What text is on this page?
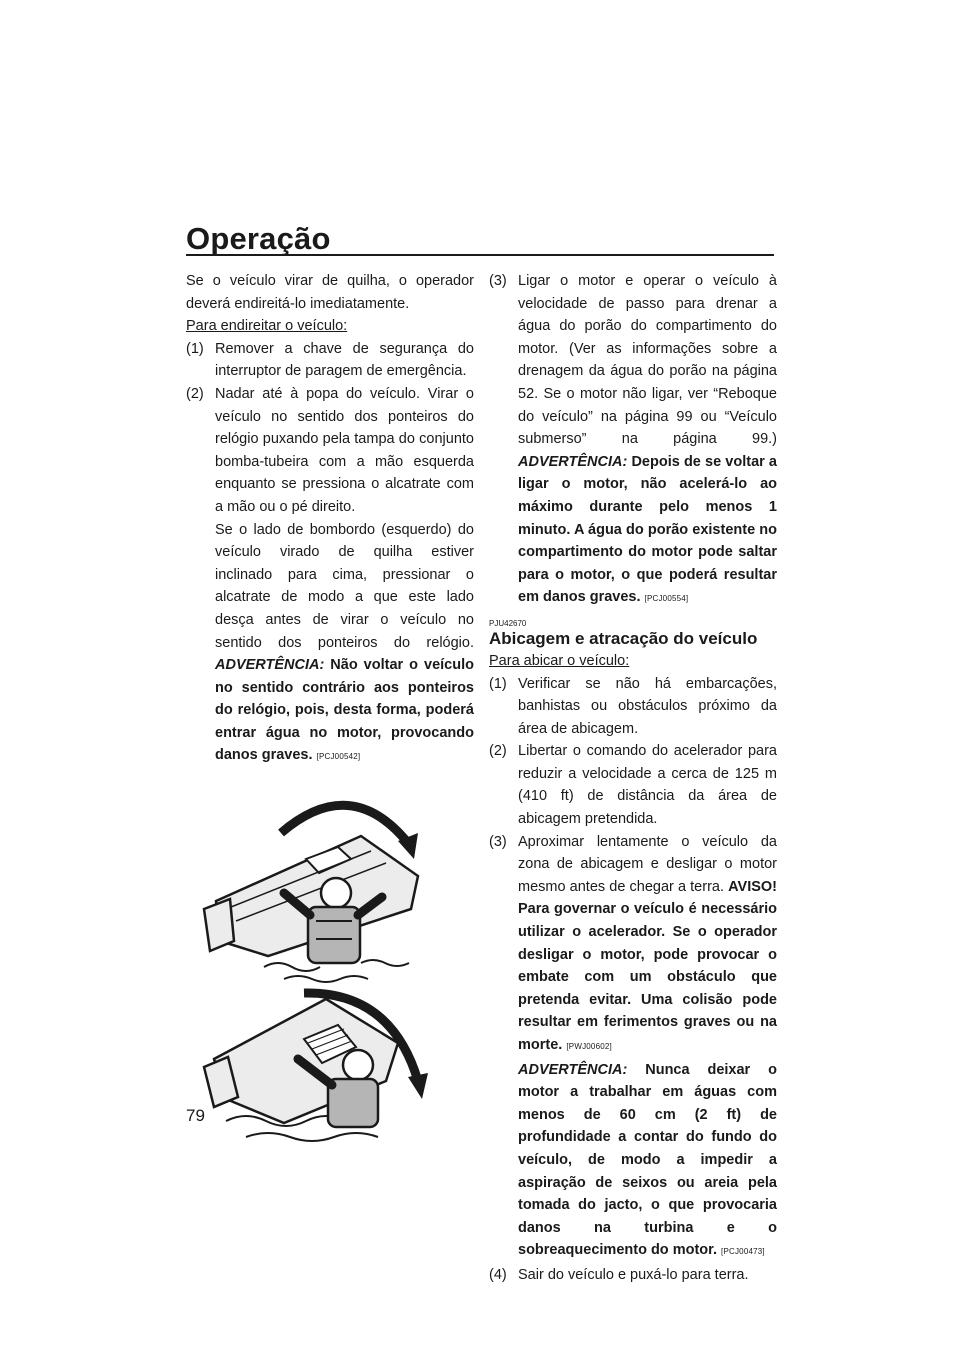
Operação

Se o veículo virar de quilha, o operador deverá endireitá-lo imediatamente.

Para endireitar o veículo:

(1) Remover a chave de segurança do interruptor de paragem de emergência.
(2) Nadar até à popa do veículo. Virar o veículo no sentido dos ponteiros do relógio puxando pela tampa do conjunto bomba-tubeira com a mão esquerda enquanto se pressiona o alcatrate com a mão ou o pé direito.

Se o lado de bombordo (esquerdo) do veículo virado de quilha estiver inclinado para cima, pressionar o alcatrate de modo a que este lado desça antes de virar o veículo no sentido dos ponteiros do relógio. ADVERTÊNCIA: Não voltar o veículo no sentido contrário aos ponteiros do relógio, pois, desta forma, poderá entrar água no motor, provocando danos graves. [PCJ00542]

(3) Ligar o motor e operar o veículo à velocidade de passo para drenar a água do porão do compartimento do motor. (Ver as informações sobre a drenagem da água do porão na página 52. Se o motor não ligar, ver “Reboque do veículo” na página 99 ou “Veículo submerso” na página 99.) ADVERTÊNCIA: Depois de se voltar a ligar o motor, não acelerá-lo ao máximo durante pelo menos 1 minuto. A água do porão existente no compartimento do motor pode saltar para o motor, o que poderá resultar em danos graves. [PCJ00554]
PJU42670
Abicagem e atracação do veículo

Para abicar o veículo:

(1) Verificar se não há embarcações, banhistas ou obstáculos próximo da área de abicagem.
(2) Libertar o comando do acelerador para reduzir a velocidade a cerca de 125 m (410 ft) de distância da área de abicagem pretendida.
(3) Aproximar lentamente o veículo da zona de abicagem e desligar o motor mesmo antes de chegar a terra. AVISO! Para governar o veículo é necessário utilizar o acelerador. Se o operador desligar o motor, pode provocar o embate com um obstáculo que pretenda evitar. Uma colisão pode resultar em ferimentos graves ou na morte. [PWJ00602]

ADVERTÊNCIA: Nunca deixar o motor a trabalhar em águas com menos de 60 cm (2 ft) de profundidade a contar do fundo do veículo, de modo a impedir a aspiração de seixos ou areia pela tomada do jacto, o que provocaria danos na turbina e o sobreaquecimento do motor. [PCJ00473]

(4) Sair do veículo e puxá-lo para terra.
79
